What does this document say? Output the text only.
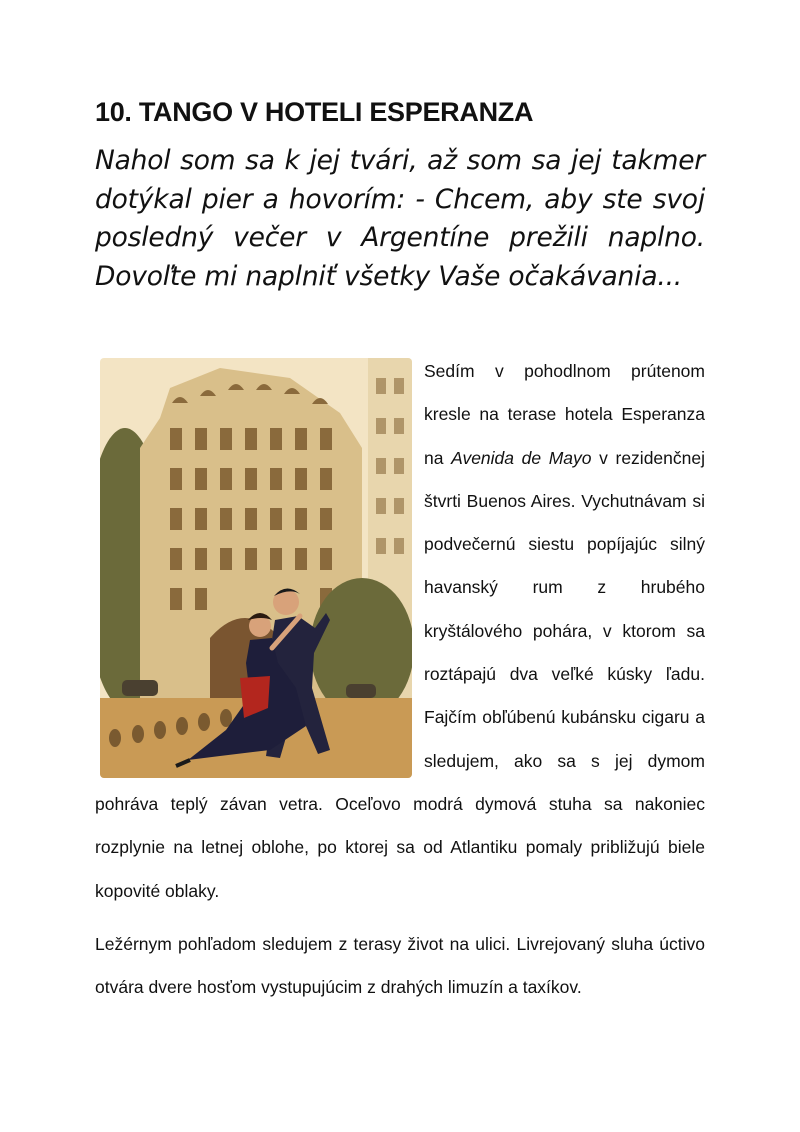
10. TANGO V HOTELI ESPERANZA

Nahol som sa k jej tvári, až som sa jej takmer dotýkal pier a hovorím: - Chcem, aby ste svoj posledný večer v Argentíne prežili naplno. Dovoľte mi naplniť všetky Vaše očakávania...

Sedím v pohodlnom prútenom kresle na terase hotela Esperanza na Avenida de Mayo v rezidenčnej štvrti Buenos Aires. Vychutnávam si podvečernú siestu popíjajúc silný havanský rum z hrubého kryštálového pohára, v ktorom sa roztápajú dva veľké kúsky ľadu. Fajčím obľúbenú kubánsku cigaru a sledujem, ako sa s jej dymom pohráva teplý závan vetra. Oceľovo modrá dymová stuha sa nakoniec rozplynie na letnej oblohe, po ktorej sa od Atlantiku pomaly približujú biele kopovité oblaky.

Ležérnym pohľadom sledujem z terasy život na ulici. Livrejovaný sluha úctivo otvára dvere hosťom vystupujúcim z drahých limuzín a taxíkov.
